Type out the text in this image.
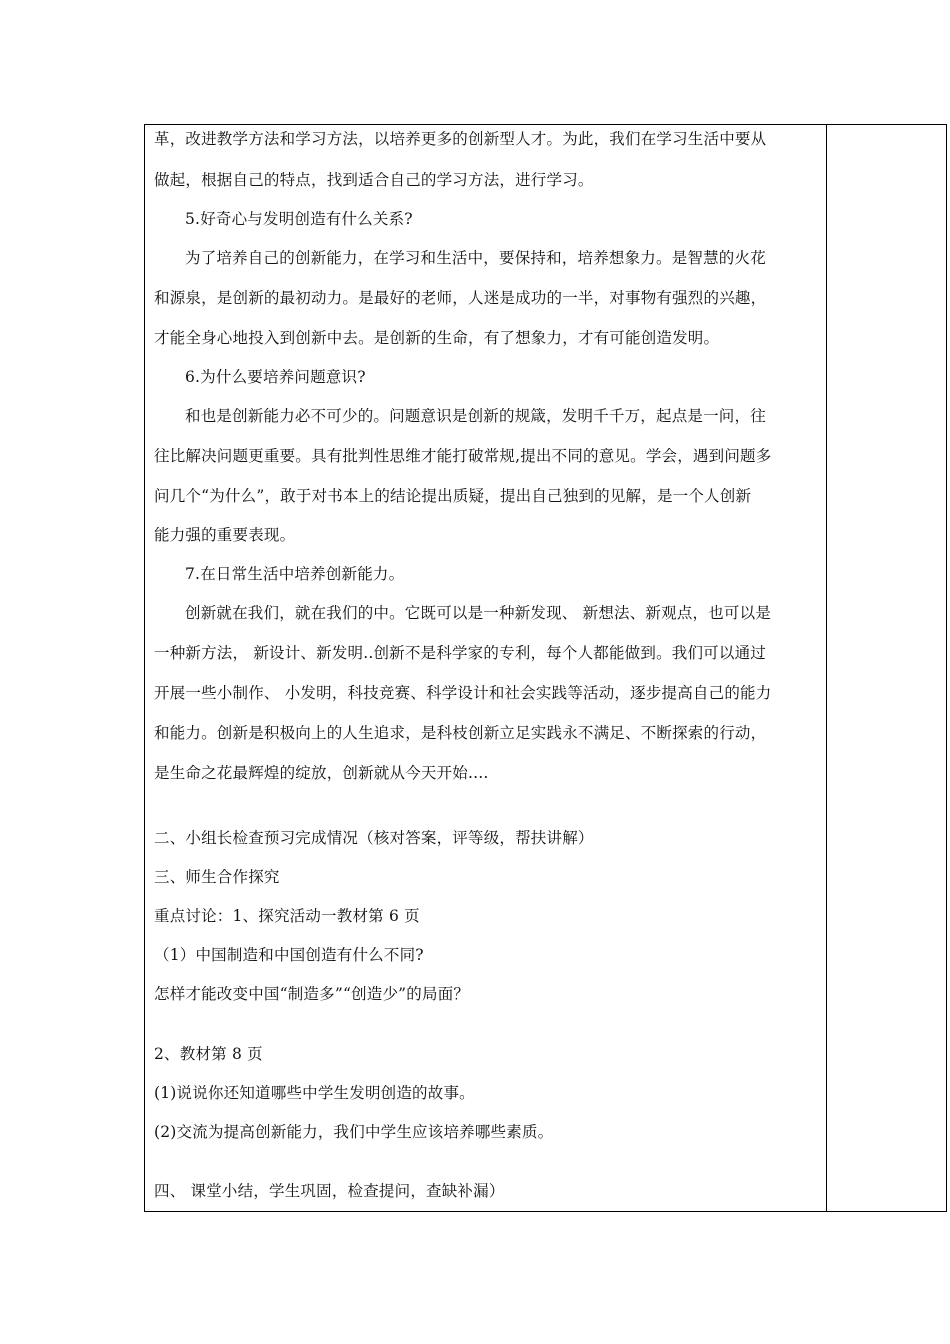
革，改进教学方法和学习方法，以培养更多的创新型人才。为此，我们在学习生活中要从
做起，根据自己的特点，找到适合自己的学习方法，进行学习。
5.好奇心与发明创造有什么关系?
为了培养自己的创新能力，在学习和生活中，要保持和，培养想象力。是智慧的火花
和源泉，是创新的最初动力。是最好的老师，人迷是成功的一半，对事物有强烈的兴趣，
才能全身心地投入到创新中去。是创新的生命，有了想象力，才有可能创造发明。
6.为什么要培养问题意识?
和也是创新能力必不可少的。问题意识是创新的规箴，发明千千万，起点是一问，往
往比解决问题更重要。具有批判性思维才能打破常规,提出不同的意见。学会，遇到问题多
问几个“为什么”，敢于对书本上的结论提出质疑，提出自己独到的见解，是一个人创新
能力强的重要表现。
7.在日常生活中培养创新能力。
创新就在我们，就在我们的中。它既可以是一种新发现、 新想法、新观点，也可以是
一种新方法， 新设计、新发明..创新不是科学家的专利，每个人都能做到。我们可以通过
开展一些小制作、 小发明，科技竞赛、科学设计和社会实践等活动，逐步提高自己的能力
和能力。创新是积极向上的人生追求，是科枝创新立足实践永不满足、不断探索的行动，
是生命之花最辉煌的绽放，创新就从今天开始....
二、小组长检查预习完成情况（核对答案，评等级，帮扶讲解）
三、师生合作探究
重点讨论：1、探究活动一教材第 6 页
（1）中国制造和中国创造有什么不同?
怎样才能改变中国“制造多”“创造少”的局面？
2、教材第 8 页
(1)说说你还知道哪些中学生发明创造的故事。
(2)交流为提高创新能力，我们中学生应该培养哪些素质。
四、 课堂小结，学生巩固，检查提问，查缺补漏）
